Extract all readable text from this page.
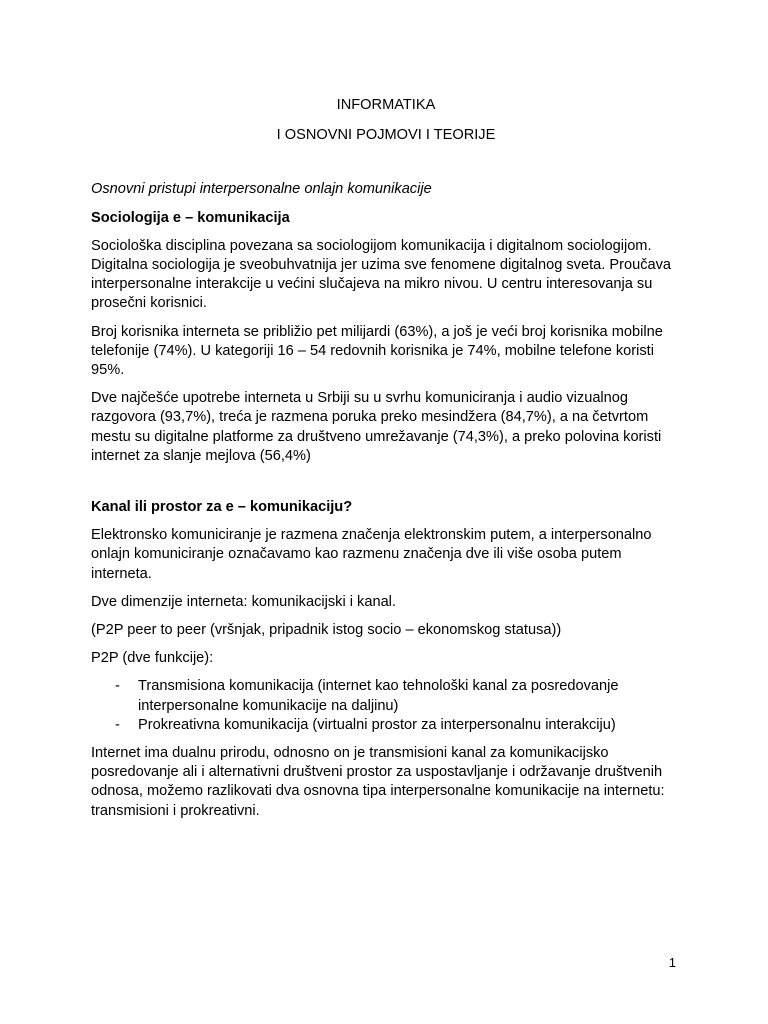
INFORMATIKA
I OSNOVNI POJMOVI I TEORIJE
Osnovni pristupi interpersonalne onlajn komunikacije
Sociologija e – komunikacija

Sociološka disciplina povezana sa sociologijom komunikacija i digitalnom sociologijom. Digitalna sociologija je sveobuhvatnija jer uzima sve fenomene digitalnog sveta. Proučava interpersonalne interakcije u većini slučajeva na mikro nivou. U centru interesovanja su prosečni korisnici.

Broj korisnika interneta se približio pet milijardi (63%), a još je veći broj korisnika mobilne telefonije (74%). U kategoriji 16 – 54 redovnih korisnika je 74%, mobilne telefone koristi 95%.

Dve najčešće upotrebe interneta u Srbiji su u svrhu komuniciranja i audio vizualnog razgovora (93,7%), treća je razmena poruka preko mesindžera (84,7%), a na četvrtom mestu su digitalne platforme za društveno umrežavanje (74,3%), a preko polovina koristi internet za slanje mejlova (56,4%)

Kanal ili prostor za e – komunikaciju?

Elektronsko komuniciranje je razmena značenja elektronskim putem, a interpersonalno onlajn komuniciranje označavamo kao razmenu značenja dve ili više osoba putem interneta.

Dve dimenzije interneta: komunikacijski i kanal.

(P2P peer to peer (vršnjak, pripadnik istog socio – ekonomskog statusa))

P2P (dve funkcije):

- Transmisiona komunikacija (internet kao tehnološki kanal za posredovanje interpersonalne komunikacije na daljinu)
- Prokreativna komunikacija (virtualni prostor za interpersonalnu interakciju)

Internet ima dualnu prirodu, odnosno on je transmisioni kanal za komunikacijsko posredovanje ali i alternativni društveni prostor za uspostavljanje i održavanje društvenih odnosa, možemo razlikovati dva osnovna tipa interpersonalne komunikacije na internetu: transmisioni i prokreativni.

1
